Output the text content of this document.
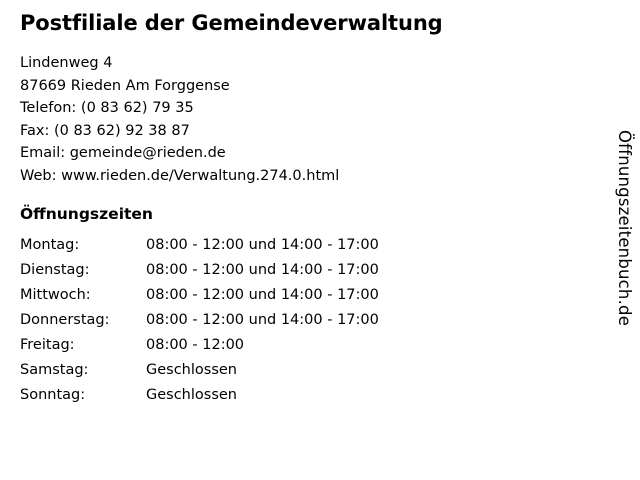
Postfiliale der Gemeindeverwaltung
Lindenweg 4
87669 Rieden Am Forggense
Telefon: (0 83 62) 79 35
Fax: (0 83 62) 92 38 87
Email: gemeinde@rieden.de
Web: www.rieden.de/Verwaltung.274.0.html
Öffnungszeiten
Montag:	08:00 - 12:00 und 14:00 - 17:00
Dienstag:	08:00 - 12:00 und 14:00 - 17:00
Mittwoch:	08:00 - 12:00 und 14:00 - 17:00
Donnerstag:	08:00 - 12:00 und 14:00 - 17:00
Freitag:	08:00 - 12:00
Samstag:	Geschlossen
Sonntag:	Geschlossen
Öffnungszeitenbuch.de
